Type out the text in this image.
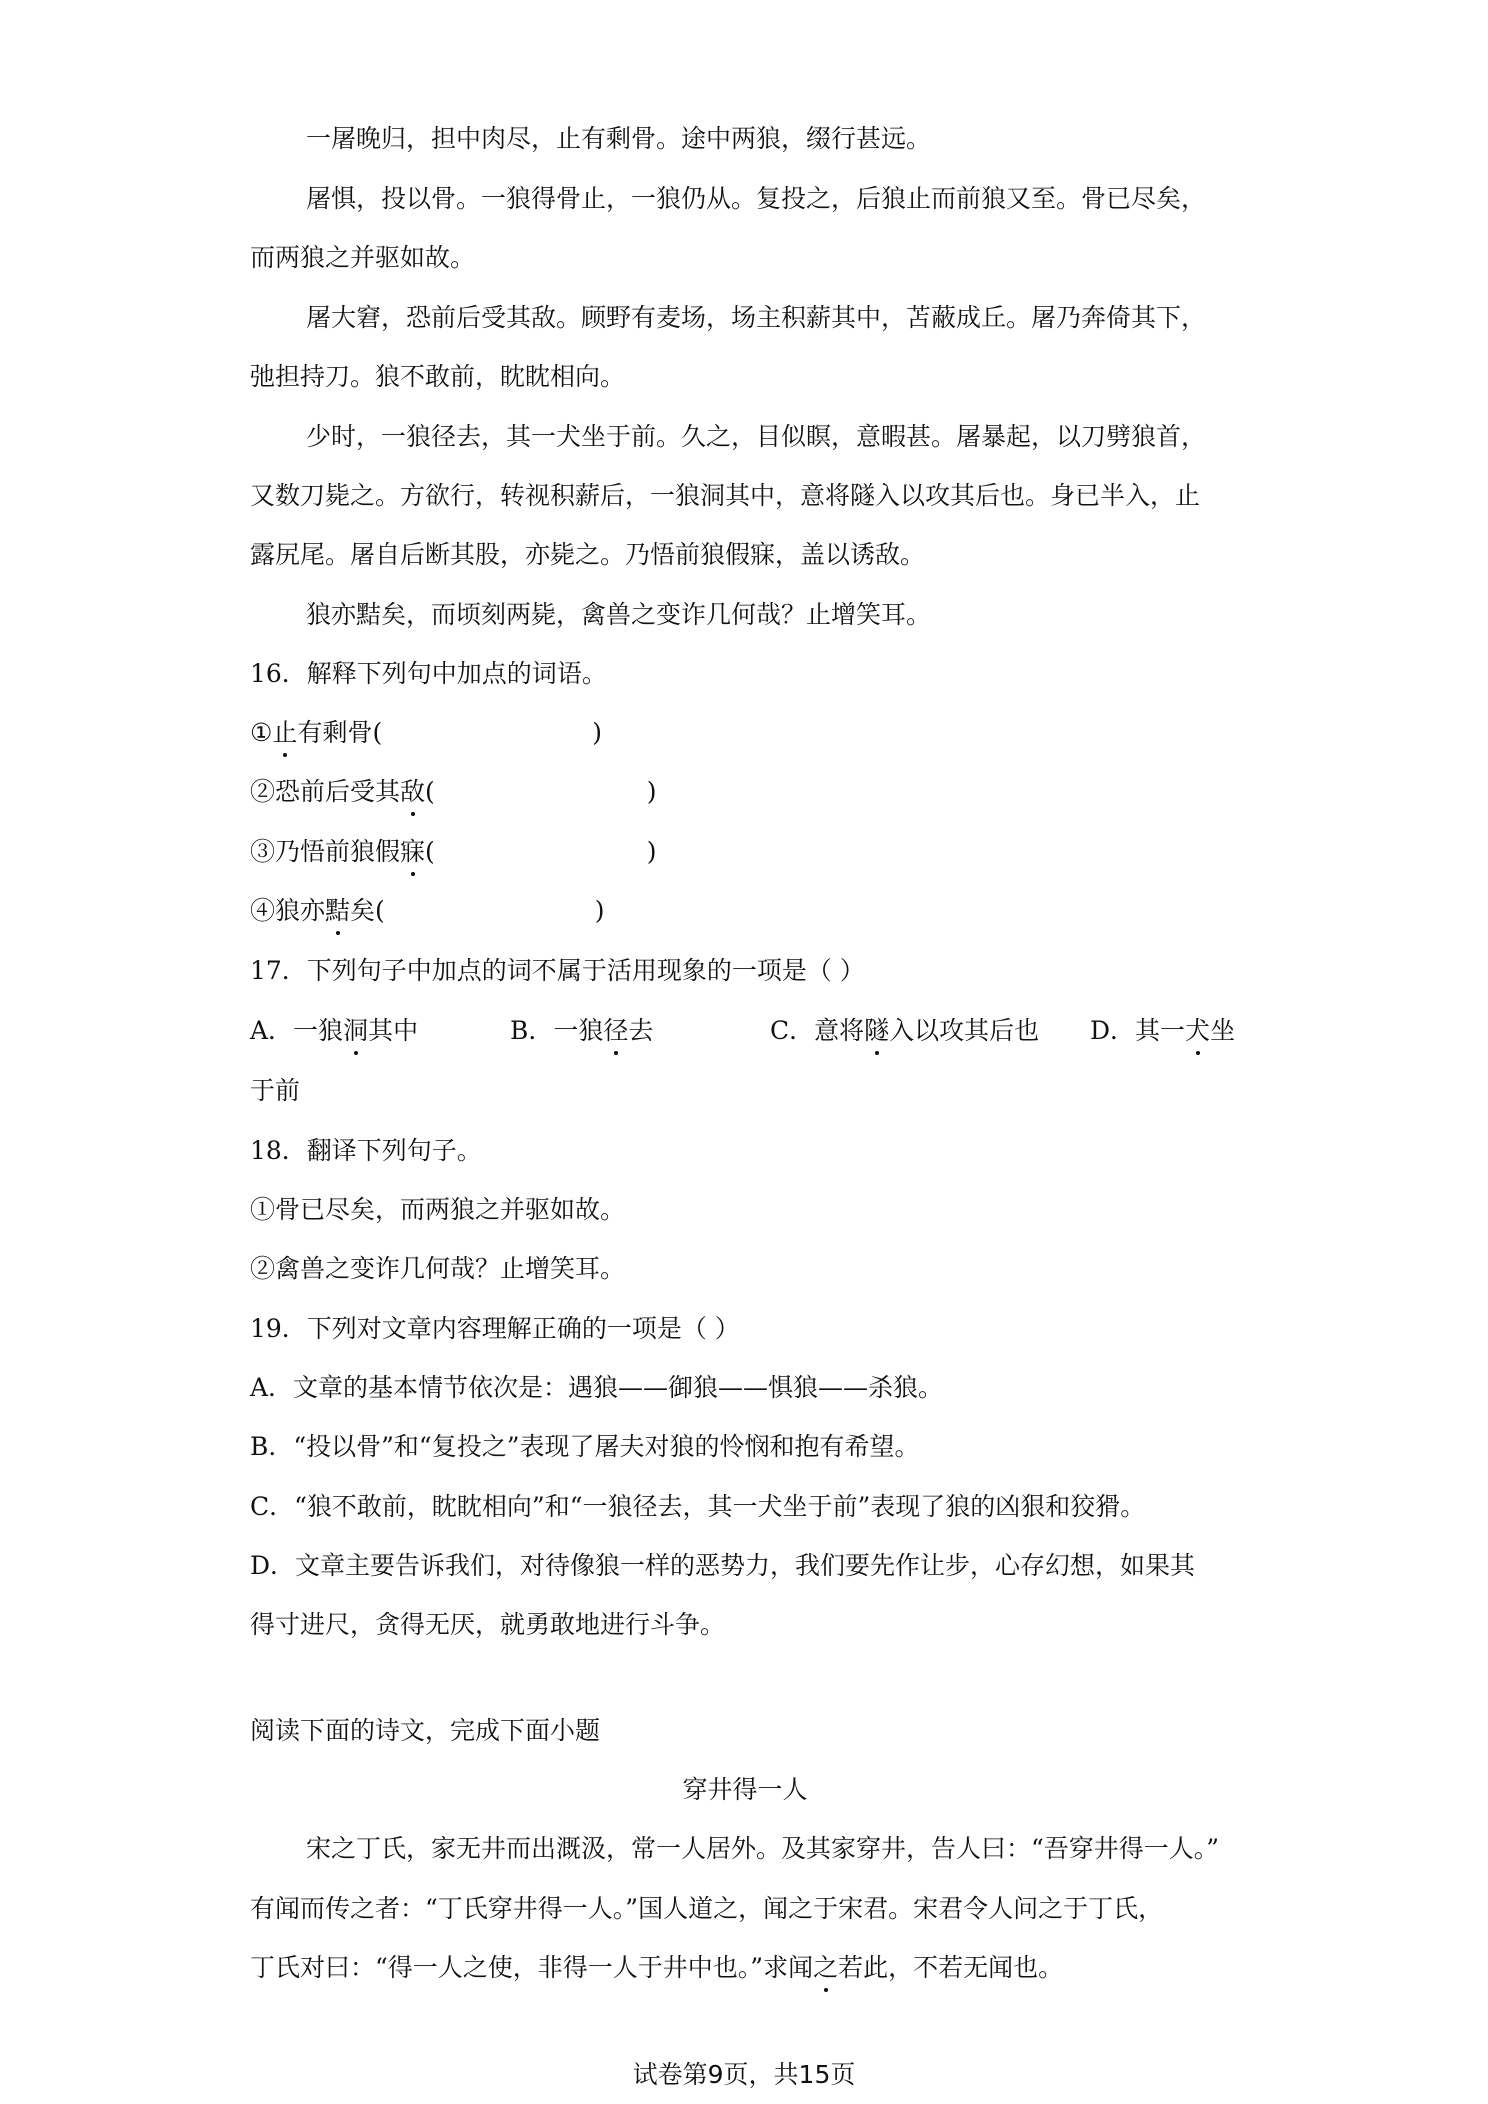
一屠晚归，担中肉尽，止有剩骨。途中两狼，缀行甚远。
屠惧，投以骨。一狼得骨止，一狼仍从。复投之，后狼止而前狼又至。骨已尽矣，
而两狼之并驱如故。
屠大窘，恐前后受其敌。顾野有麦场，场主积薪其中，苫蔽成丘。屠乃奔倚其下，
弛担持刀。狼不敢前，眈眈相向。
少时，一狼径去，其一犬坐于前。久之，目似瞑，意暇甚。屠暴起，以刀劈狼首，
又数刀毙之。方欲行，转视积薪后，一狼洞其中，意将隧入以攻其后也。身已半入，止
露尻尾。屠自后断其股，亦毙之。乃悟前狼假寐，盖以诱敌。
狼亦黠矣，而顷刻两毙，禽兽之变诈几何哉？止增笑耳。
16．解释下列句中加点的词语。
①止有剩骨(	)
②恐前后受其敌(	)
③乃悟前狼假寐(	)
④狼亦黠矣(	)
17．下列句子中加点的词不属于活用现象的一项是（ ）
A．一狼洞其中	B．一狼径去	C．意将隧入以攻其后也 D．其一犬坐
于前
18．翻译下列句子。
①骨已尽矣，而两狼之并驱如故。
②禽兽之变诈几何哉？止增笑耳。
19．下列对文章内容理解正确的一项是（ ）
A．文章的基本情节依次是：遇狼——御狼——惧狼——杀狼。
B．“投以骨”和“复投之”表现了屠夫对狼的怜悯和抱有希望。
C．“狼不敢前，眈眈相向”和“一狼径去，其一犬坐于前”表现了狼的凶狠和狡猾。
D．文章主要告诉我们，对待像狼一样的恶势力，我们要先作让步，心存幻想，如果其
得寸进尺，贪得无厌，就勇敢地进行斗争。
阅读下面的诗文，完成下面小题
穿井得一人
宋之丁氏，家无井而出溉汲，常一人居外。及其家穿井，告人曰：“吾穿井得一人。”
有闻而传之者：“丁氏穿井得一人。”国人道之，闻之于宋君。宋君令人问之于丁氏，
丁氏对曰：“得一人之使，非得一人于井中也。”求闻之若此，不若无闻也。
试卷第9页，共15页
